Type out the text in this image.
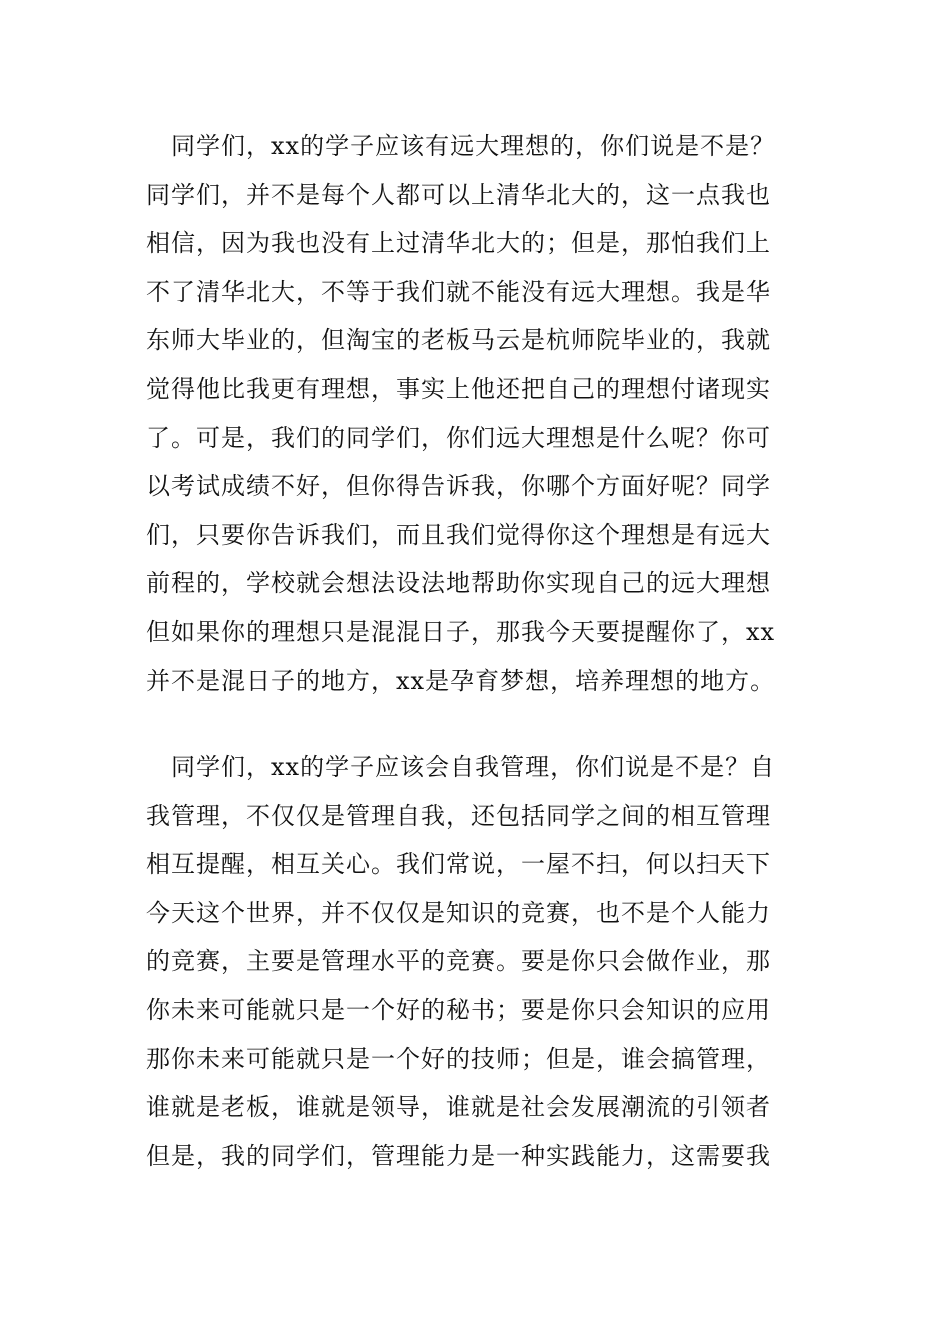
　同学们，xx的学子应该有远大理想的，你们说是不是？
同学们，并不是每个人都可以上清华北大的，这一点我也
相信，因为我也没有上过清华北大的；但是，那怕我们上
不了清华北大，不等于我们就不能没有远大理想。我是华
东师大毕业的，但淘宝的老板马云是杭师院毕业的，我就
觉得他比我更有理想，事实上他还把自己的理想付诸现实
了。可是，我们的同学们，你们远大理想是什么呢？你可
以考试成绩不好，但你得告诉我，你哪个方面好呢？同学
们，只要你告诉我们，而且我们觉得你这个理想是有远大
前程的，学校就会想法设法地帮助你实现自己的远大理想
但如果你的理想只是混混日子，那我今天要提醒你了，xx
并不是混日子的地方，xx是孕育梦想，培养理想的地方。
　同学们，xx的学子应该会自我管理，你们说是不是？自
我管理，不仅仅是管理自我，还包括同学之间的相互管理
相互提醒，相互关心。我们常说，一屋不扫，何以扫天下
今天这个世界，并不仅仅是知识的竞赛，也不是个人能力
的竞赛，主要是管理水平的竞赛。要是你只会做作业，那
你未来可能就只是一个好的秘书；要是你只会知识的应用
那你未来可能就只是一个好的技师；但是，谁会搞管理，
谁就是老板，谁就是领导，谁就是社会发展潮流的引领者
但是，我的同学们，管理能力是一种实践能力，这需要我
